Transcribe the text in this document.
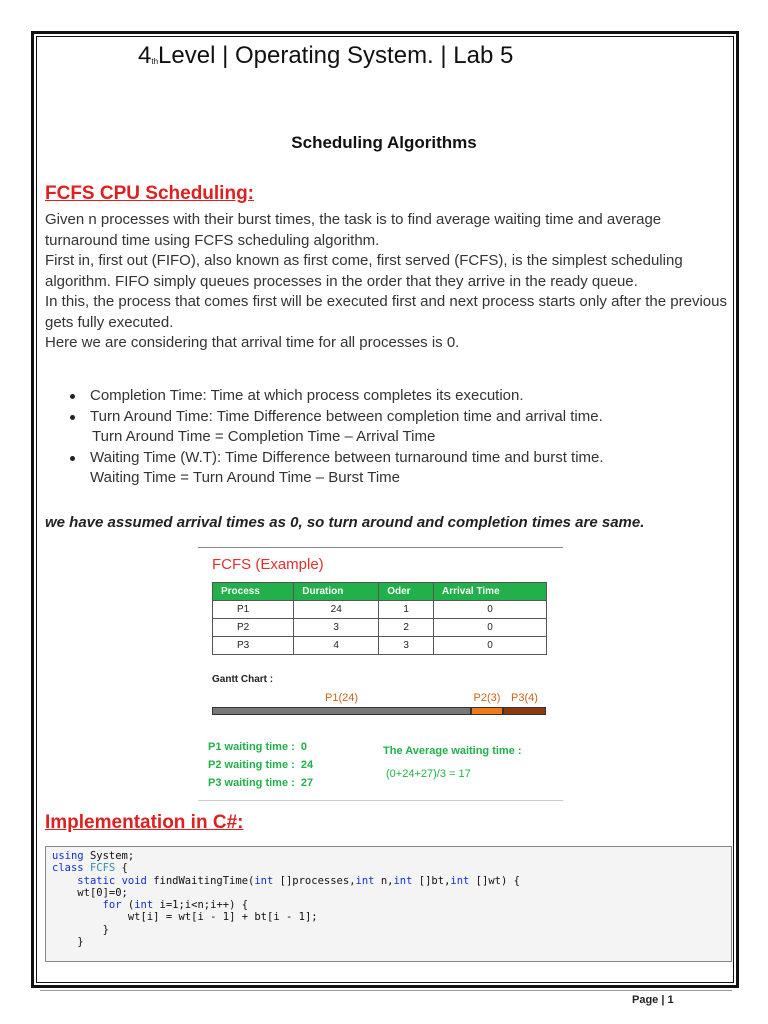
$4_{th}Level$ | Operating System. | Lab 5
Scheduling Algorithms
FCFS CPU Scheduling:

Given n processes with their burst times, the task is to find average waiting time and average turnaround time using FCFS scheduling algorithm.

First in, first out (FIFO), also known as first come, first served (FCFS), is the simplest scheduling algorithm. FIFO simply queues processes in the order that they arrive in the ready queue.

In this, the process that comes first will be executed first and next process starts only after the previous gets fully executed.

Here we are considering that arrival time for all processes is 0.

Completion Time: Time at which process completes its execution.
Turn Around Time: Time Difference between completion time and arrival time.
Turn Around Time = Completion Time – Arrival Time
Waiting Time (W.T): Time Difference between turnaround time and burst time.
Waiting Time = Turn Around Time – Burst Time
we have assumed arrival times as 0, so turn around and completion times are same.
FCFS (Example)
Process	Duration	Oder	Arrival Time
P1	24	1	0
P2	3	2	0
P3	4	3	0
Gantt Chart :
P1(24)	P2(3) P3(4)
P1 waiting time : 0
P2 waiting time : 24
P3 waiting time : 27
The Average waiting time :
(0+24+27)/3 = 17
Implementation in C#:
using System;
class FCFS {
static void findWaitingTime(int []processes,int n,int []bt,int []wt) {
wt[0]=0;
for (int i=1;i<n;i++) {
wt[i] = wt[i - 1] + bt[i - 1];
}
}
Page | 1
